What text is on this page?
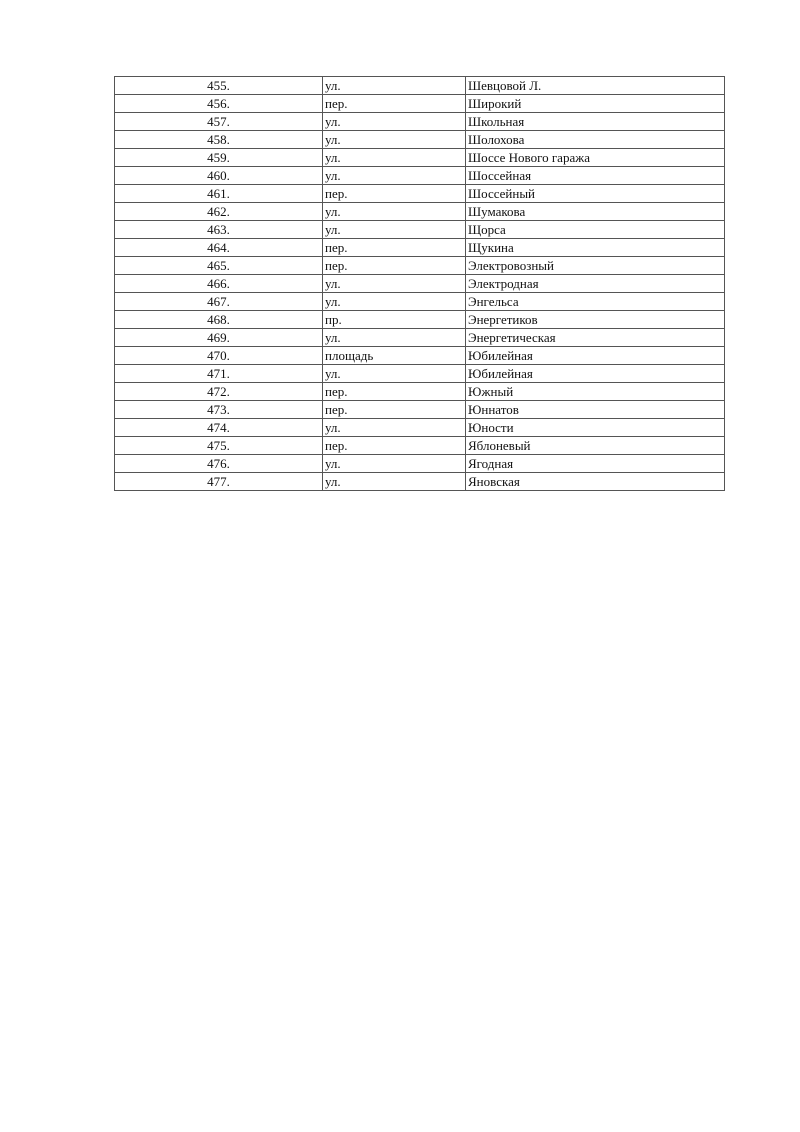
455.	ул.	Шевцовой Л.
456.	пер.	Широкий
457.	ул.	Школьная
458.	ул.	Шолохова
459.	ул.	Шоссе Нового гаража
460.	ул.	Шоссейная
461.	пер.	Шоссейный
462.	ул.	Шумакова
463.	ул.	Щорса
464.	пер.	Щукина
465.	пер.	Электровозный
466.	ул.	Электродная
467.	ул.	Энгельса
468.	пр.	Энергетиков
469.	ул.	Энергетическая
470.	площадь	Юбилейная
471.	ул.	Юбилейная
472.	пер.	Южный
473.	пер.	Юннатов
474.	ул.	Юности
475.	пер.	Яблоневый
476.	ул.	Ягодная
477.	ул.	Яновская
